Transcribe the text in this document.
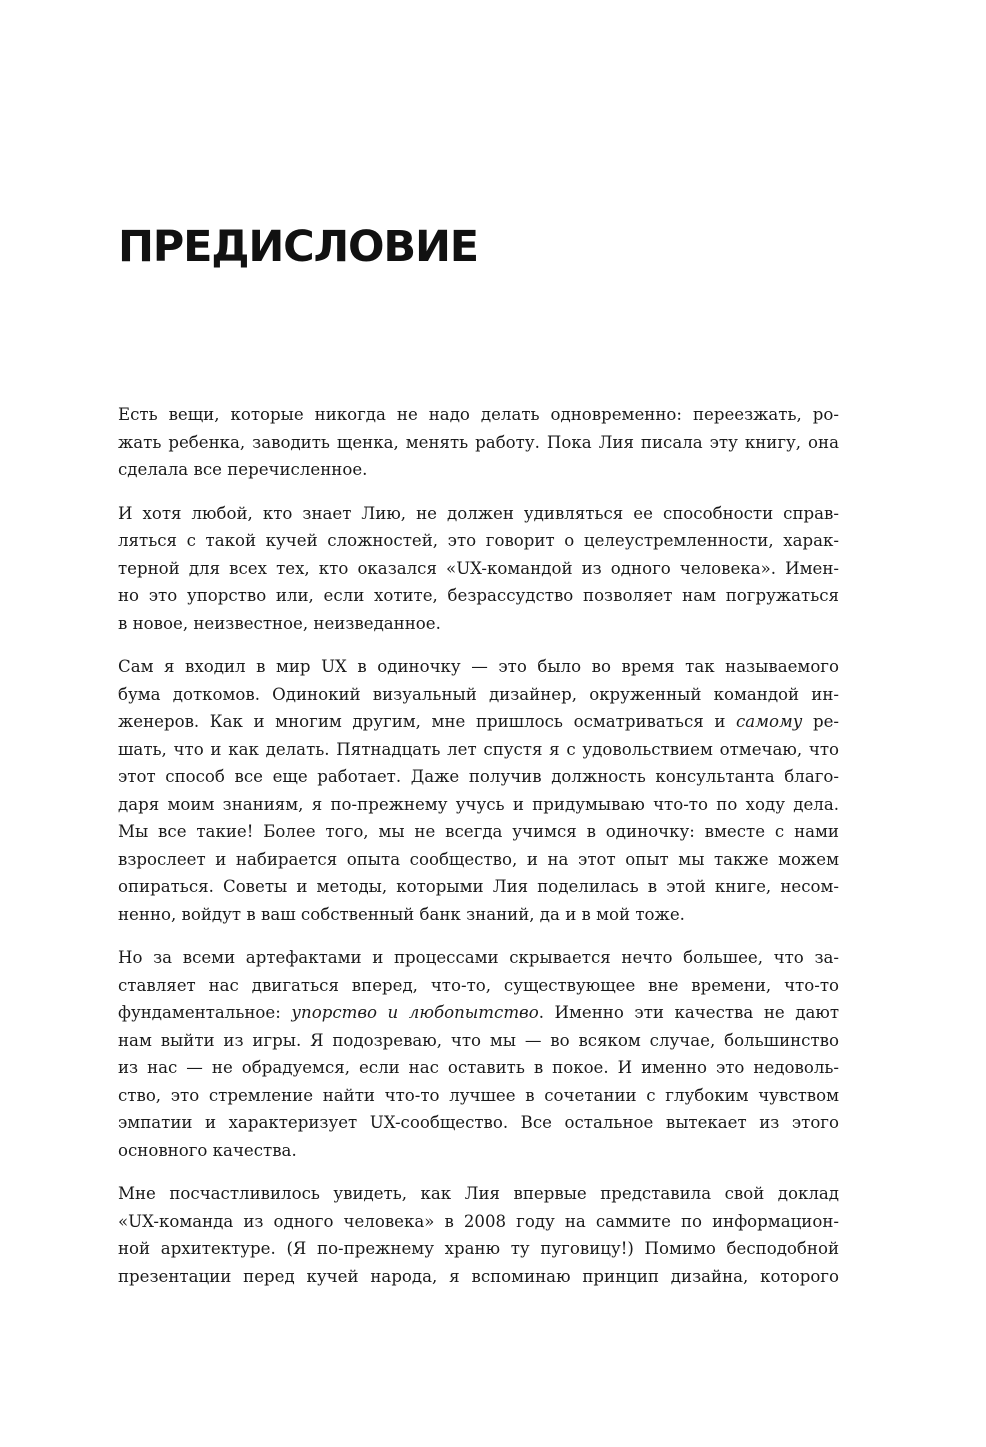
ПРЕДИСЛОВИЕ

Есть вещи, которые никогда не надо делать одновременно: переезжать, ро-
жать ребенка, заводить щенка, менять работу. Пока Лия писала эту книгу, она
сделала все перечисленное.

И хотя любой, кто знает Лию, не должен удивляться ее способности справ-
ляться с такой кучей сложностей, это говорит о целеустремленности, харак-
терной для всех тех, кто оказался «UX-командой из одного человека». Имен-
но это упорство или, если хотите, безрассудство позволяет нам погружаться
в новое, неизвестное, неизведанное.

Сам я входил в мир UX в одиночку — это было во время так называемого
бума доткомов. Одинокий визуальный дизайнер, окруженный командой ин-
женеров. Как и многим другим, мне пришлось осматриваться и самому ре-
шать, что и как делать. Пятнадцать лет спустя я с удовольствием отмечаю, что
этот способ все еще работает. Даже получив должность консультанта благо-
даря моим знаниям, я по-прежнему учусь и придумываю что-то по ходу дела.
Мы все такие! Более того, мы не всегда учимся в одиночку: вместе с нами
взрослеет и набирается опыта сообщество, и на этот опыт мы также можем
опираться. Советы и методы, которыми Лия поделилась в этой книге, несом-
ненно, войдут в ваш собственный банк знаний, да и в мой тоже.

Но за всеми артефактами и процессами скрывается нечто большее, что за-
ставляет нас двигаться вперед, что-то, существующее вне времени, что-то
фундаментальное: упорство и любопытство. Именно эти качества не дают
нам выйти из игры. Я подозреваю, что мы — во всяком случае, большинство
из нас — не обрадуемся, если нас оставить в покое. И именно это недоволь-
ство, это стремление найти что-то лучшее в сочетании с глубоким чувством
эмпатии и характеризует UX-сообщество. Все остальное вытекает из этого
основного качества.

Мне посчастливилось увидеть, как Лия впервые представила свой доклад
«UX-команда из одного человека» в 2008 году на саммите по информацион-
ной архитектуре. (Я по-прежнему храню ту пуговицу!) Помимо бесподобной
презентации перед кучей народа, я вспоминаю принцип дизайна, которого
